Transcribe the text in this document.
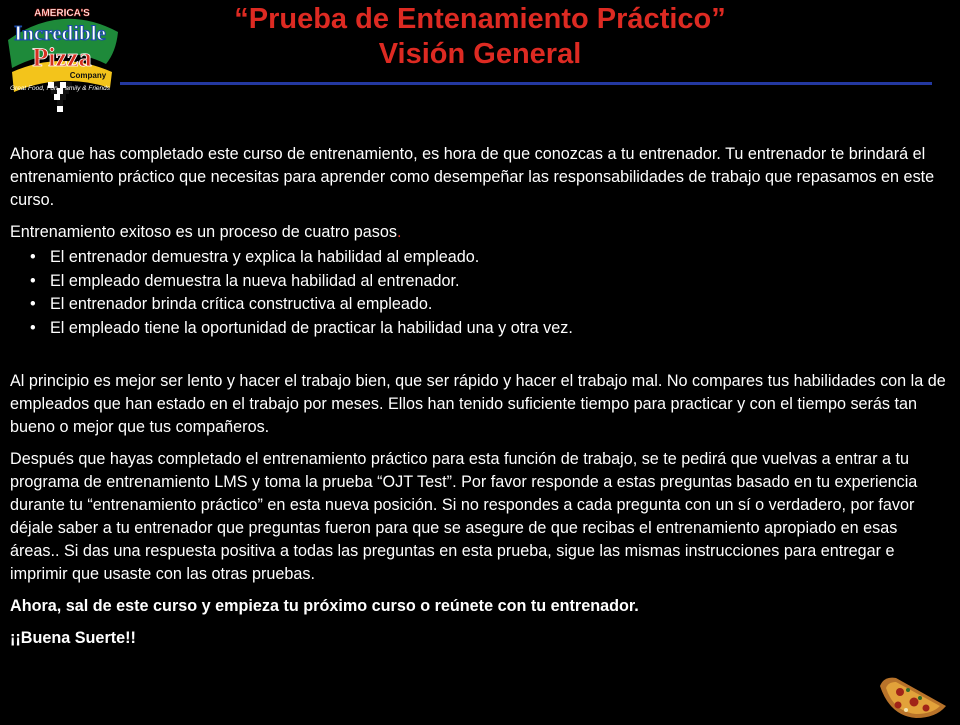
AMERICA'S
Incredible
Pizza
Company
Great Food, Fun, Family & Friends
“Prueba de Entenamiento Práctico”
Visión General

Ahora que has completado este curso de entrenamiento, es hora de que conozcas a tu entrenador. Tu entrenador te brindará el entrenamiento práctico que necesitas para aprender como desempeñar las responsabilidades de trabajo que repasamos en este curso.

Entrenamiento exitoso es un proceso de cuatro pasos.

• El entrenador demuestra y explica la habilidad al empleado.
• El empleado demuestra la nueva habilidad al entrenador.
• El entrenador brinda crítica constructiva al empleado.
• El empleado tiene la oportunidad de practicar la habilidad una y otra vez.

Al principio es mejor ser lento y hacer el trabajo bien, que ser rápido y hacer el trabajo mal. No compares tus habilidades con la de empleados que han estado en el trabajo por meses. Ellos han tenido suficiente tiempo para practicar y con el tiempo serás tan bueno o mejor que tus compañeros.

Después que hayas completado el entrenamiento práctico para esta función de trabajo, se te pedirá que vuelvas a entrar a tu programa de entrenamiento LMS y toma la prueba “OJT Test”. Por favor responde a estas preguntas basado en tu experiencia durante tu “entrenamiento práctico” en esta nueva posición. Si no respondes a cada pregunta con un sí o verdadero, por favor déjale saber a tu entrenador que preguntas fueron para que se asegure de que recibas el entrenamiento apropiado en esas áreas.. Si das una respuesta positiva a todas las preguntas en esta prueba, sigue las mismas instrucciones para entregar e imprimir que usaste con las otras pruebas.

Ahora, sal de este curso y empieza tu próximo curso o reúnete con tu entrenador.

¡¡Buena Suerte!!
